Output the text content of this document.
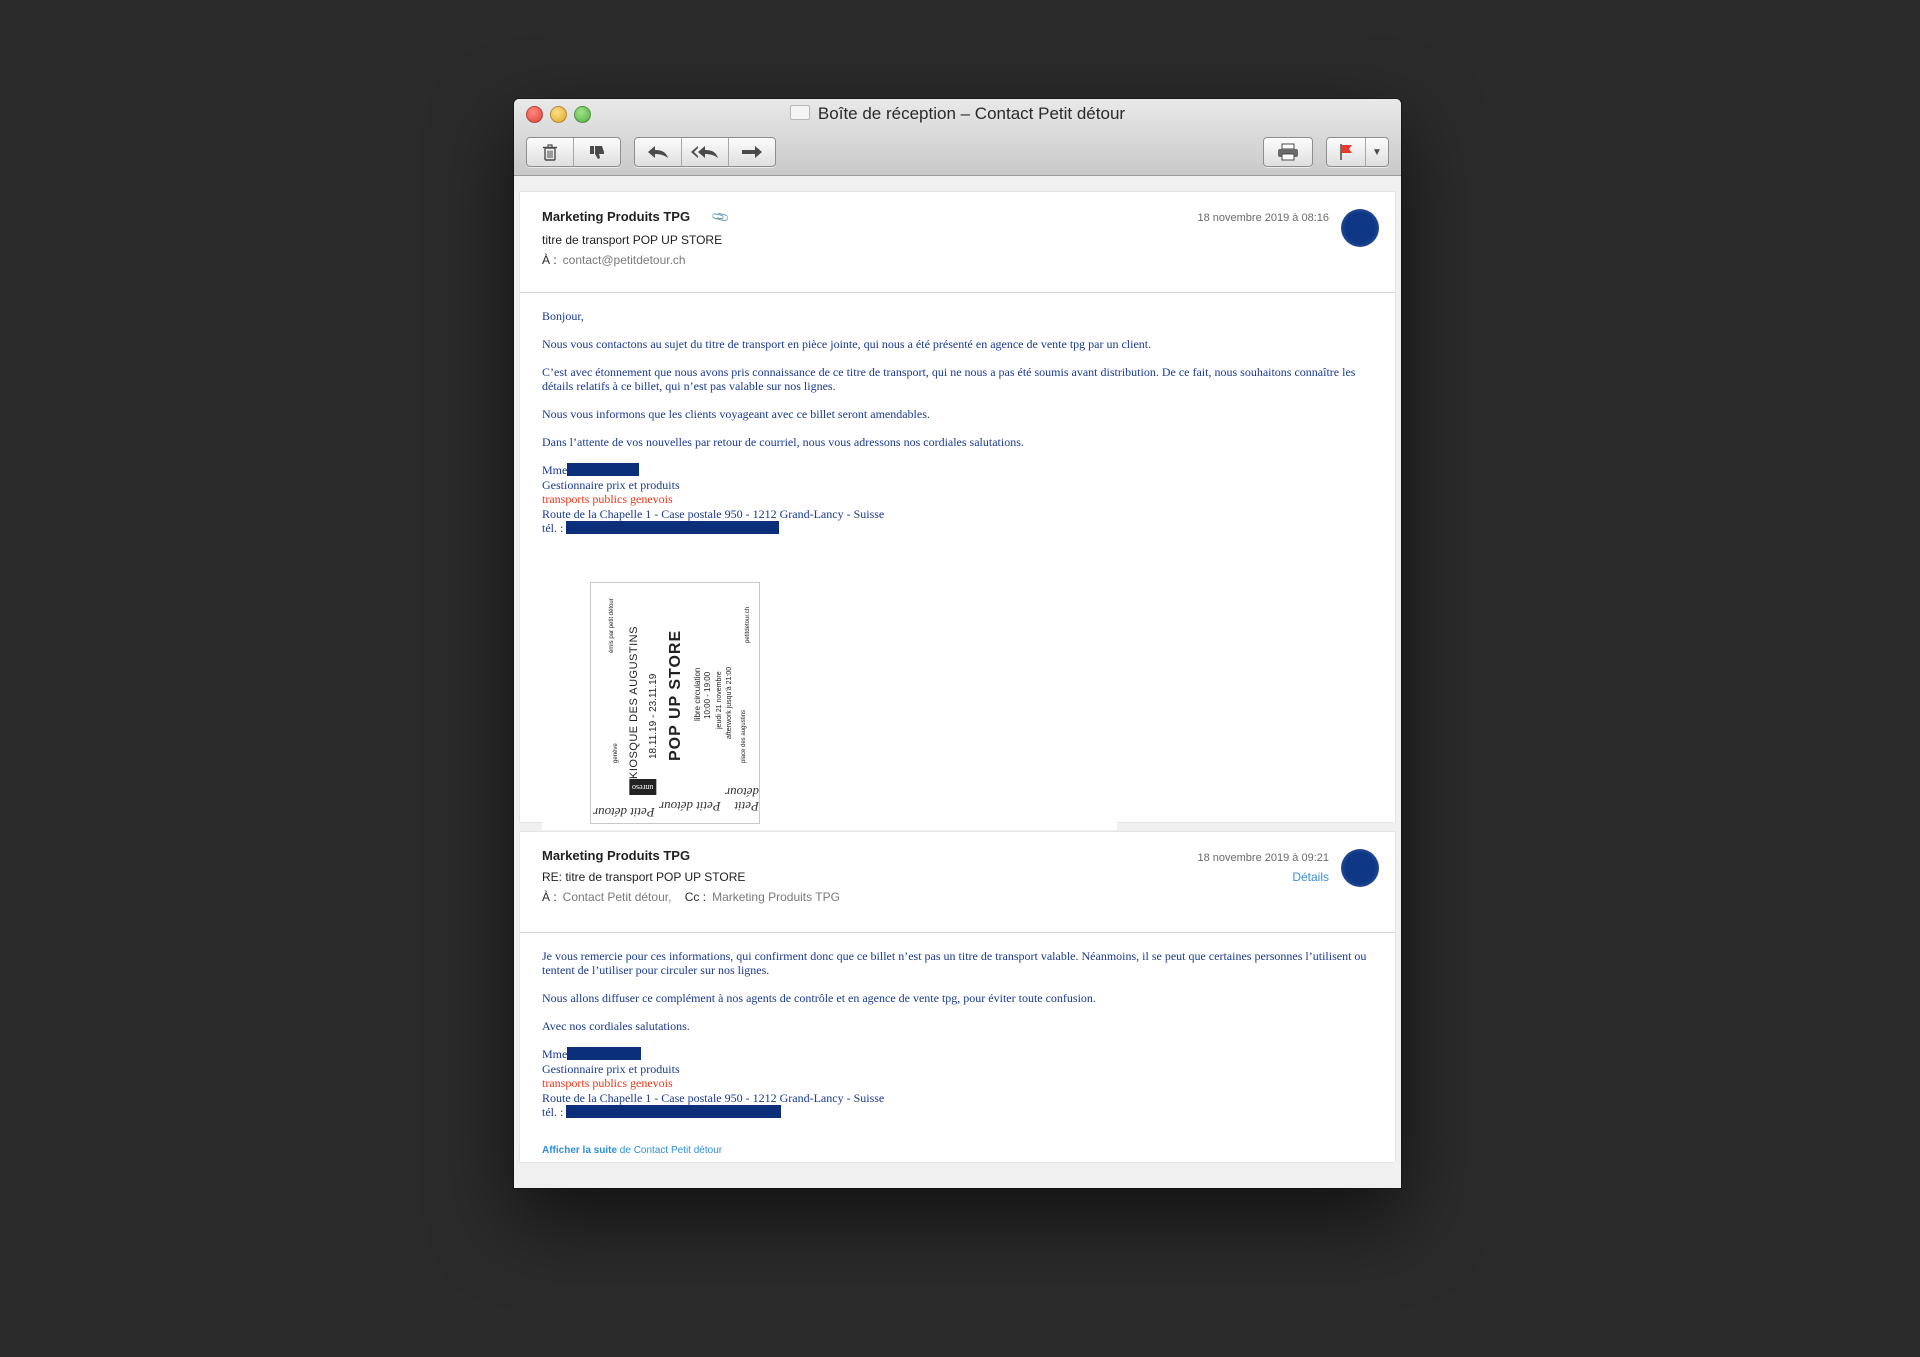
Boîte de réception – Contact Petit détour
▼
Marketing Produits TPG 📎
titre de transport POP UP STORE
À : contact@petitdetour.ch
18 novembre 2019 à 08:16

Bonjour,

Nous vous contactons au sujet du titre de transport en pièce jointe, qui nous a été présenté en agence de vente tpg par un client.

C’est avec étonnement que nous avons pris connaissance de ce titre de transport, qui ne nous a pas été soumis avant distribution. De ce fait, nous souhaitons connaître les détails relatifs à ce billet, qui n’est pas valable sur nos lignes.

Nous vous informons que les clients voyageant avec ce billet seront amendables.

Dans l’attente de vos nouvelles par retour de courriel, nous vous adressons nos cordiales salutations.

Mme
Gestionnaire prix et produits
transports publics genevois
Route de la Chapelle 1 - Case postale 950 - 1212 Grand-Lancy - Suisse
tél. :
émis par petit détour
genève KIOSQUE DES AUGUSTINS 18.11.19 - 23.11.19 POP UP STORE libre circulation 10:00 - 19:00 jeudi 21 novembre afterwork jusqu'à 21:00	place des augustins
petitdetour.ch
Petit détour Petit détour	Petit détour
unreso
Marketing Produits TPG
RE: titre de transport POP UP STORE
À : Contact Petit détour, Cc : Marketing Produits TPG
18 novembre 2019 à 09:21
Détails

Je vous remercie pour ces informations, qui confirment donc que ce billet n’est pas un titre de transport valable. Néanmoins, il se peut que certaines personnes l’utilisent ou tentent de l’utiliser pour circuler sur nos lignes.

Nous allons diffuser ce complément à nos agents de contrôle et en agence de vente tpg, pour éviter toute confusion.

Avec nos cordiales salutations.

Mme
Gestionnaire prix et produits
transports publics genevois
Route de la Chapelle 1 - Case postale 950 - 1212 Grand-Lancy - Suisse
tél. :
Afficher la suite de Contact Petit détour
